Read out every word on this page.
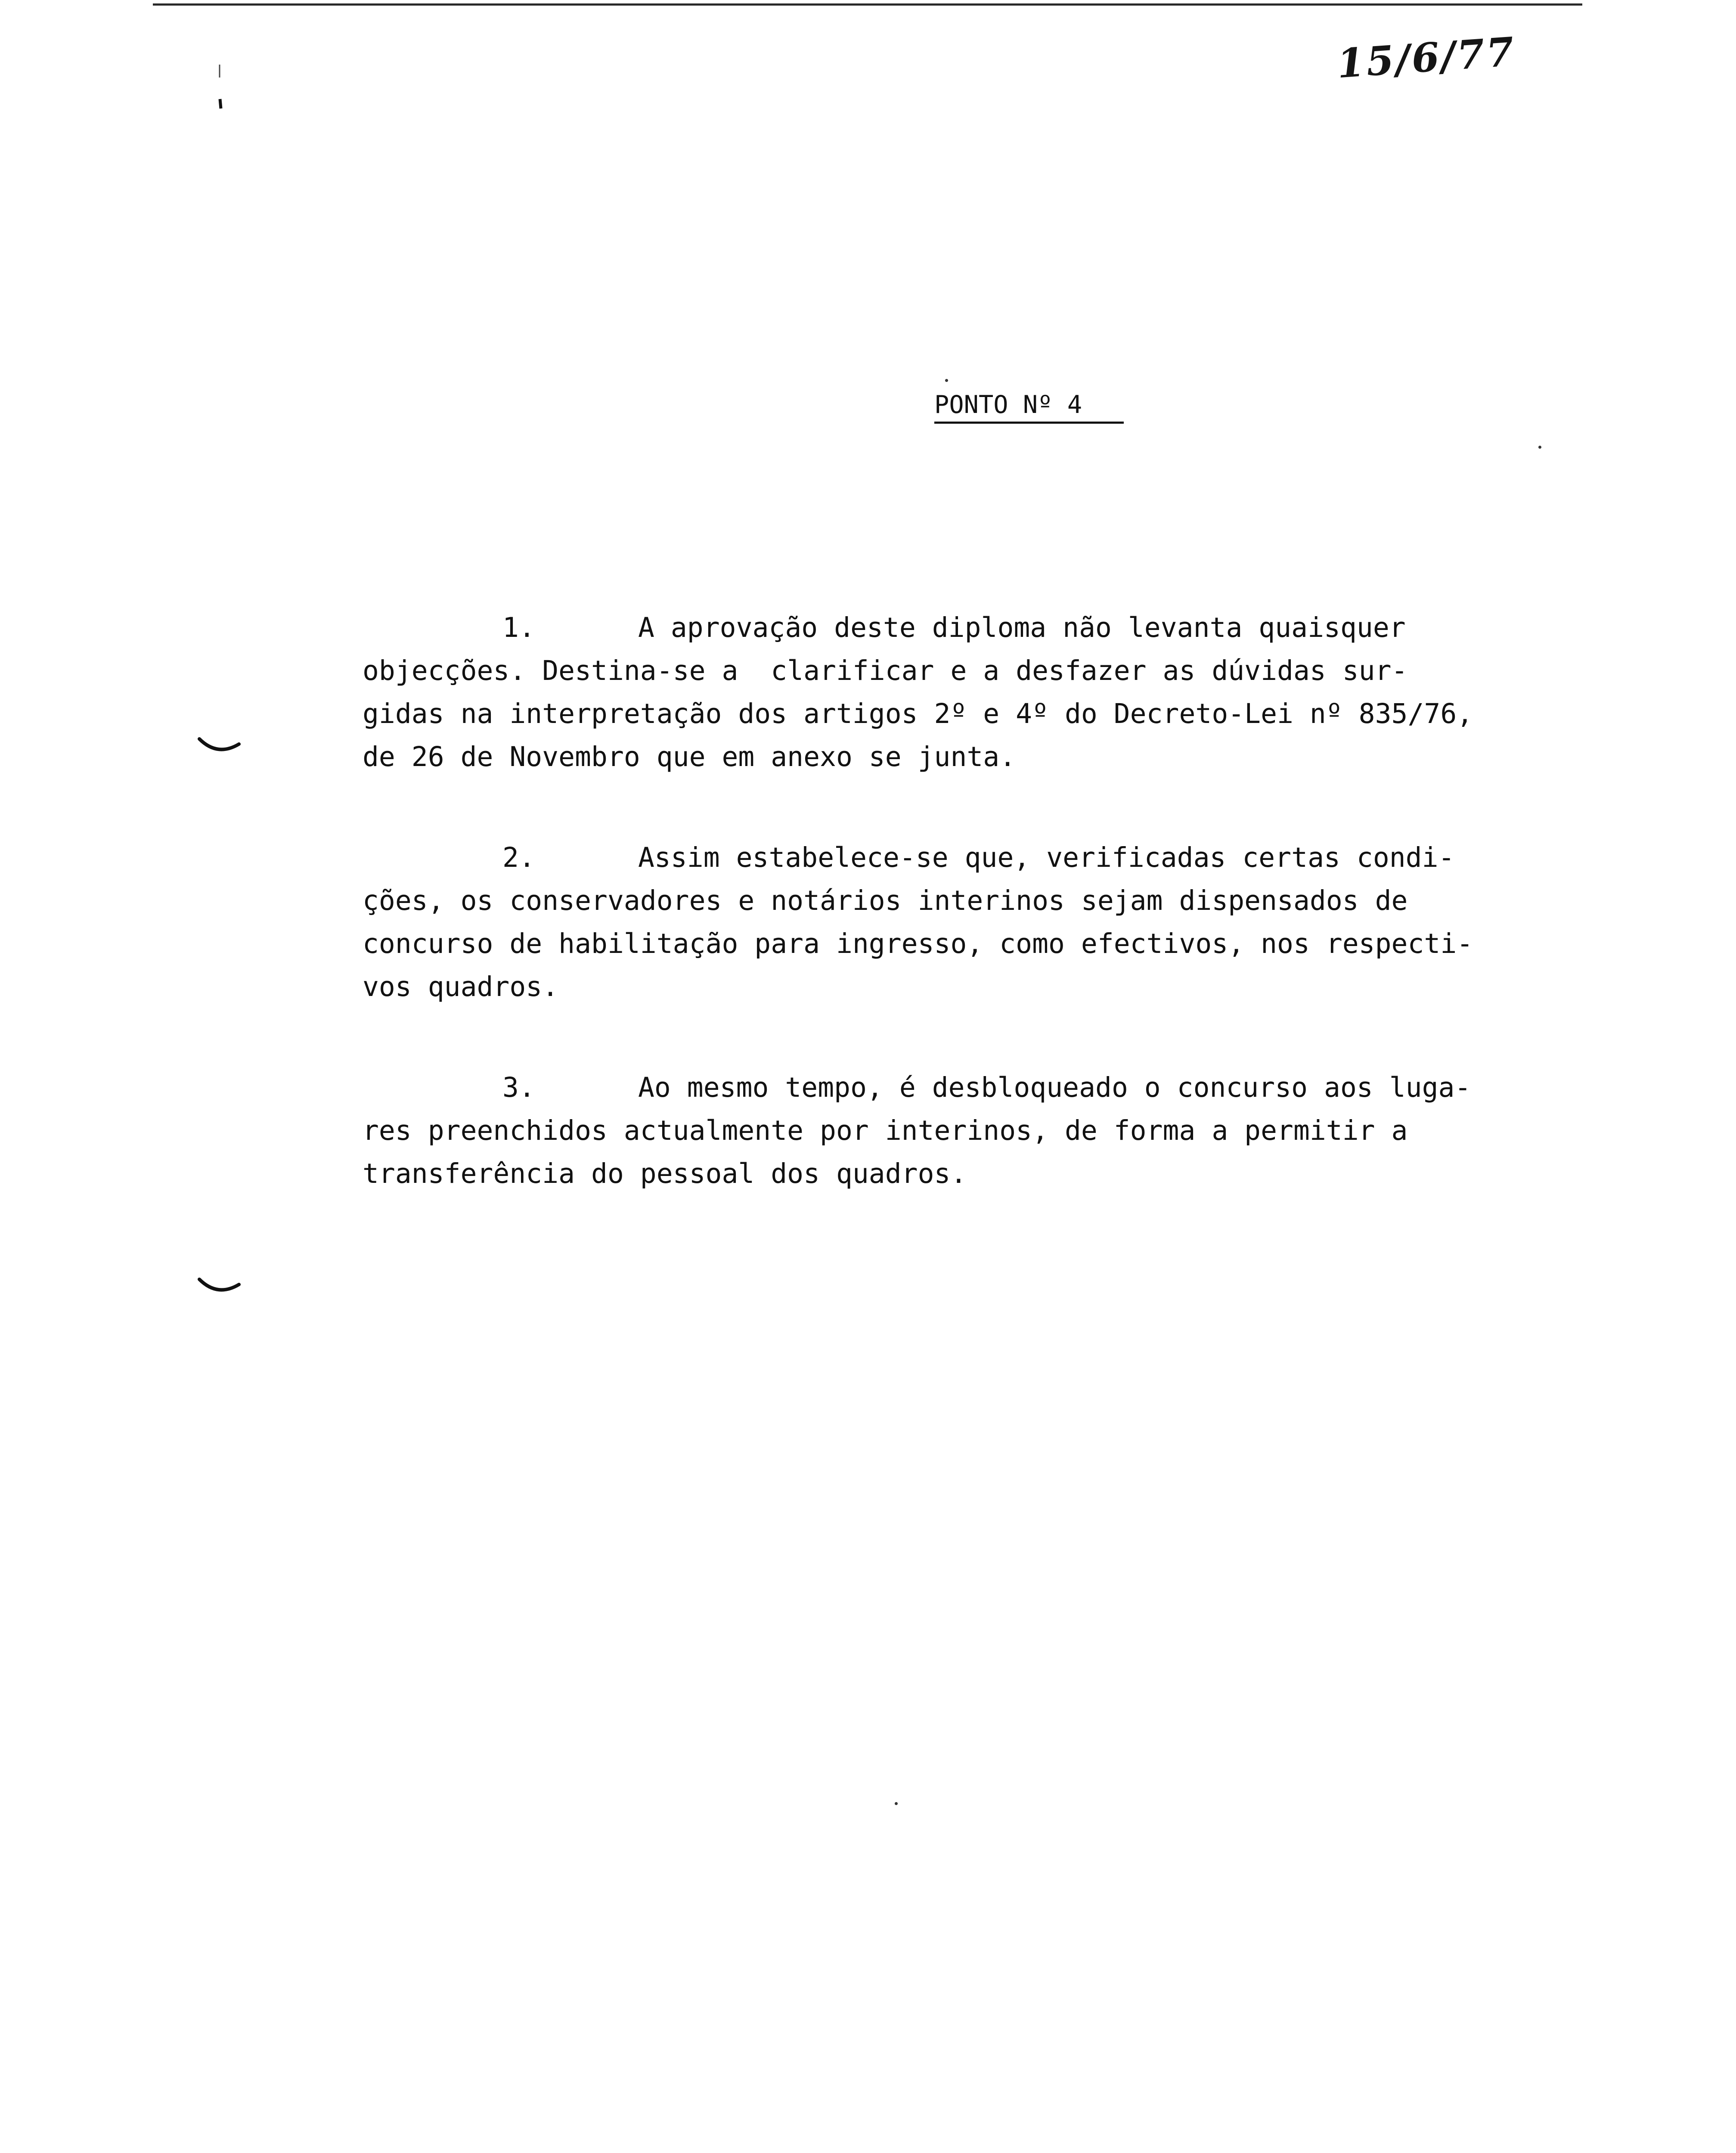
15/6/77
PONTO Nº 4
1.	A aprovação deste diploma não levanta quaisquer
objecções. Destina-se a  clarificar e a desfazer as dúvidas sur-
gidas na interpretação dos artigos 2º e 4º do Decreto-Lei nº 835/76,
de 26 de Novembro que em anexo se junta.
2.	Assim estabelece-se que, verificadas certas condi-
ções, os conservadores e notários interinos sejam dispensados de
concurso de habilitação para ingresso, como efectivos, nos respecti-
vos quadros.
3.	Ao mesmo tempo, é desbloqueado o concurso aos luga-
res preenchidos actualmente por interinos, de forma a permitir a
transferência do pessoal dos quadros.
